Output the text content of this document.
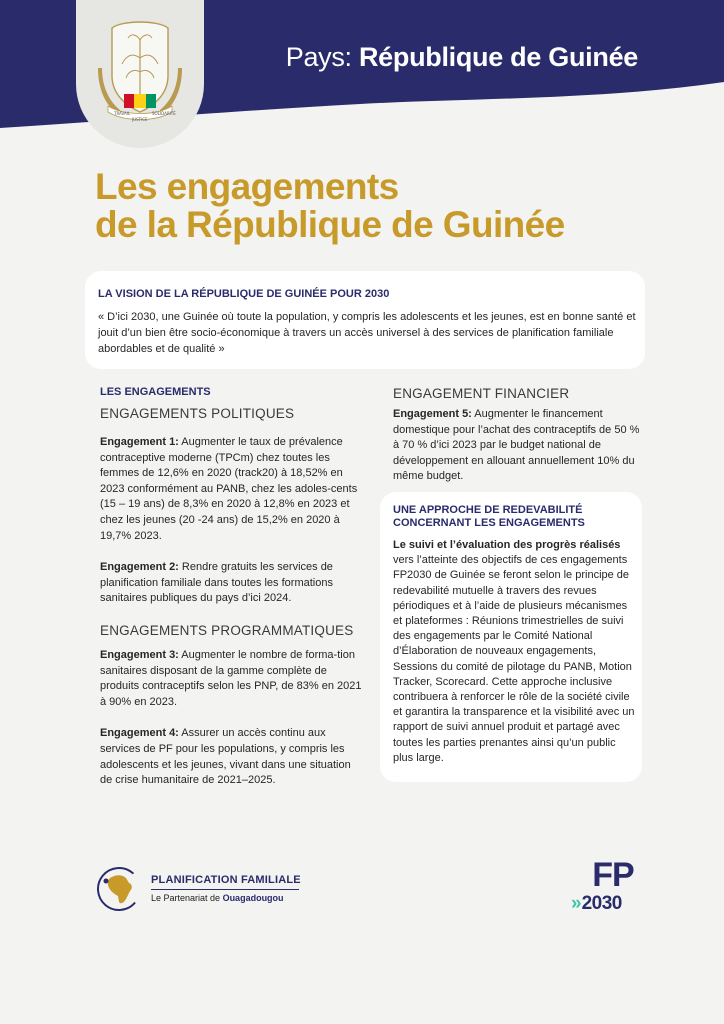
TRAVAIL
JUSTICE
SOLIDARITÉ
Pays: République de Guinée
Les engagements
de la République de Guinée
LA VISION DE LA RÉPUBLIQUE DE GUINÉE POUR 2030

« D’ici 2030, une Guinée où toute la population, y compris les adolescents et les jeunes, est en bonne santé et jouit d’un bien être socio-économique à travers un accès universel à des services de planification familiale abordables et de qualité »

LES ENGAGEMENTS
ENGAGEMENTS POLITIQUES

Engagement 1: Augmenter le taux de prévalence contraceptive moderne (TPCm) chez toutes les femmes de 12,6% en 2020 (track20) à 18,52% en 2023 conformément au PANB, chez les adoles-cents (15 – 19 ans) de 8,3% en 2020 à 12,8% en 2023 et chez les jeunes (20 -24 ans) de 15,2% en 2020 à 19,7% 2023.

Engagement 2: Rendre gratuits les services de planification familiale dans toutes les formations sanitaires publiques du pays d’ici 2024.

ENGAGEMENTS PROGRAMMATIQUES

Engagement 3: Augmenter le nombre de forma-tion sanitaires disposant de la gamme complète de produits contraceptifs selon les PNP, de 83% en 2021 à 90% en 2023.

Engagement 4: Assurer un accès continu aux services de PF pour les populations, y compris les adolescents et les jeunes, vivant dans une situation de crise humanitaire de 2021–2025.

ENGAGEMENT FINANCIER

Engagement 5: Augmenter le financement domestique pour l’achat des contraceptifs de 50 % à 70 % d’ici 2023 par le budget national de développement en allouant annuellement 10% du même budget.

UNE APPROCHE DE REDEVABILITÉ
CONCERNANT LES ENGAGEMENTS

Le suivi et l’évaluation des progrès réalisés vers l’atteinte des objectifs de ces engagements FP2030 de Guinée se feront selon le principe de redevabilité mutuelle à travers des revues périodiques et à l’aide de plusieurs mécanismes et plateformes : Réunions trimestrielles de suivi des engagements par le Comité National d’Élaboration de nouveaux engagements, Sessions du comité de pilotage du PANB, Motion Tracker, Scorecard. Cette approche inclusive contribuera à renforcer le rôle de la société civile et garantira la transparence et la visibilité avec un rapport de suivi annuel produit et partagé avec toutes les parties prenantes ainsi qu’un public plus large.

PLANIFICATION FAMILIALE
Le Partenariat de Ouagadougou
FP
» 2030
